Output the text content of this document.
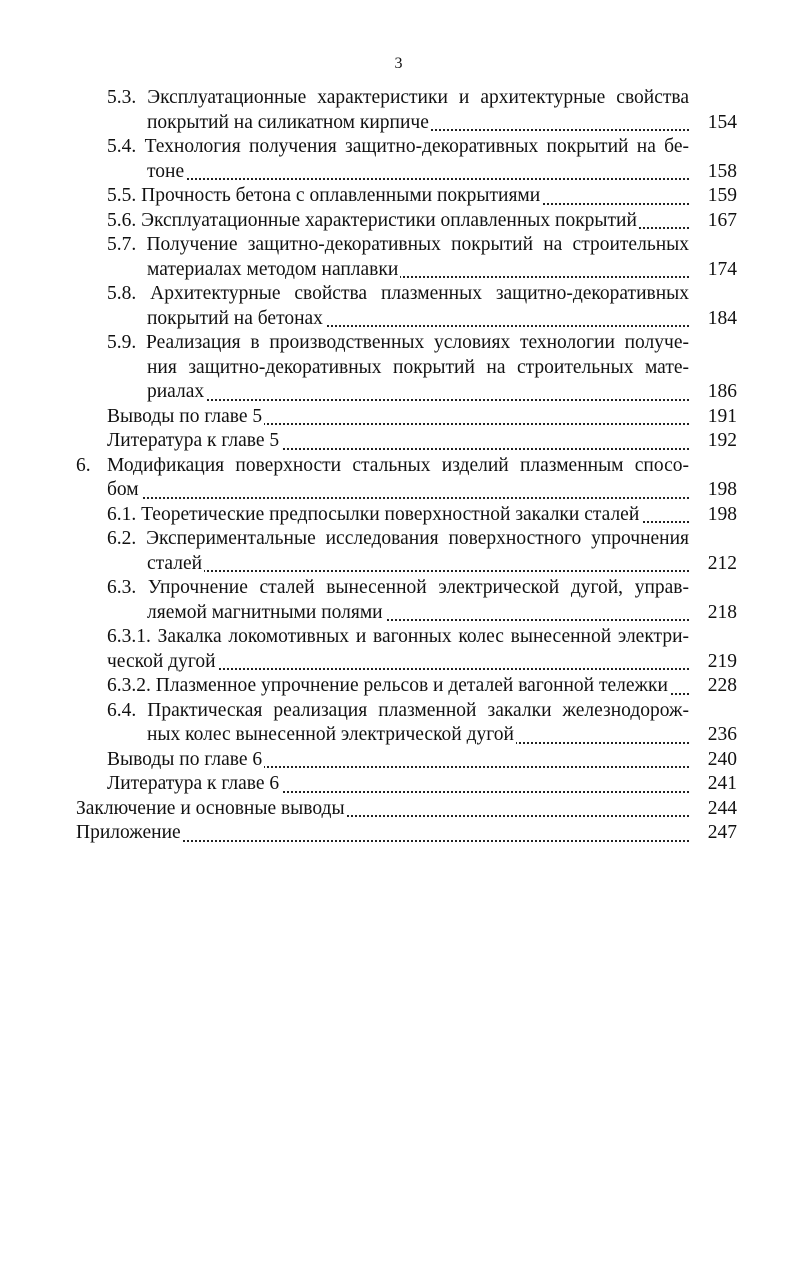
3
5.3. Эксплуатационные характеристики и архитектурные свойства
покрытий на силикатном кирпиче	154
5.4. Технология получения защитно-декоративных покрытий на бе-
тоне	158
5.5. Прочность бетона с оплавленными покрытиями	159
5.6. Эксплуатационные характеристики оплавленных покрытий	167
5.7. Получение защитно-декоративных покрытий на строительных
материалах методом наплавки	174
5.8. Архитектурные свойства плазменных защитно-декоративных
покрытий на бетонах	184
5.9. Реализация в производственных условиях технологии получе-
ния защитно-декоративных покрытий на строительных мате-
риалах	186
Выводы по главе 5	191
Литература к главе 5	192
6. Модификация поверхности стальных изделий плазменным спосо-
бом	198
6.1. Теоретические предпосылки поверхностной закалки сталей	198
6.2. Экспериментальные исследования поверхностного упрочнения
сталей	212
6.3. Упрочнение сталей вынесенной электрической дугой, управ-
ляемой магнитными полями	218
6.3.1. Закалка локомотивных и вагонных колес вынесенной электри-
ческой дугой	219
6.3.2. Плазменное упрочнение рельсов и деталей вагонной тележки	228
6.4. Практическая реализация плазменной закалки железнодорож-
ных колес вынесенной электрической дугой	236
Выводы по главе 6	240
Литература к главе 6	241
Заключение и основные выводы	244
Приложение	247
